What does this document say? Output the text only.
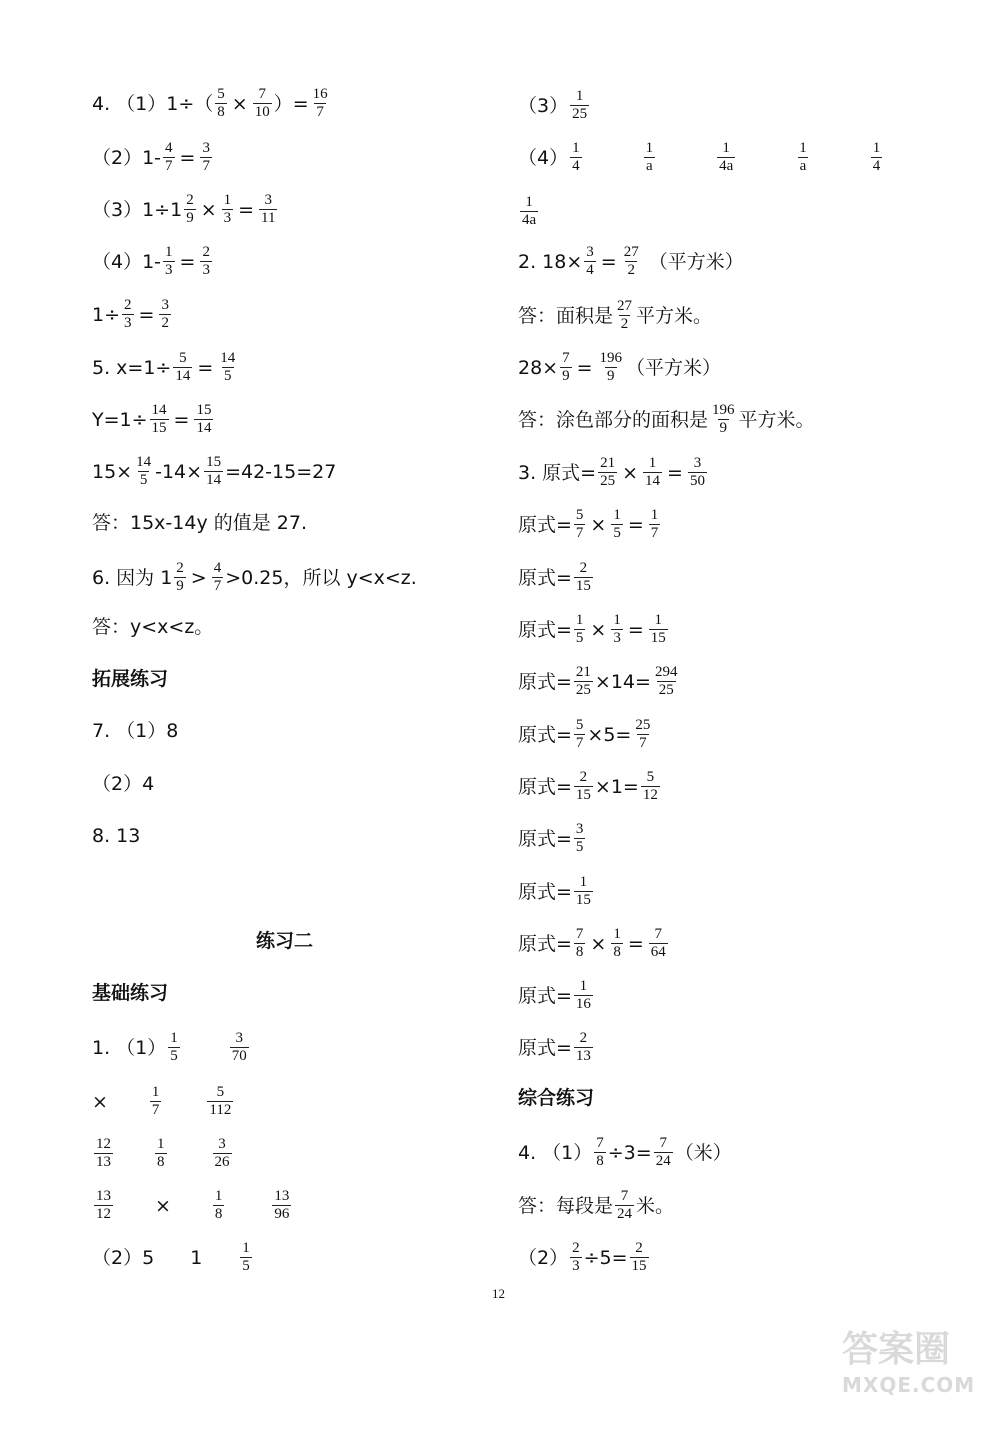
4. $(1)1\div( \frac{5}{8} \times \frac{7}{10}$ ）= $\frac{16}{7}$
$(2)1- \frac{4}{7} = \frac{3}{7}$
$(3)1\div 1 \frac{2}{9} \times \frac{1}{3} = \frac{3}{11}$
$(4)1- \frac{1}{3} = \frac{2}{3}$
$1\div \frac{2}{3} = \frac{3}{2}$
5. $x=1\div \frac{5}{14} = \frac{14}{5}$
$Y=1\div \frac{14}{15} = \frac{15}{14}$
$15\times \frac{14}{5} -14\times \frac{15}{14} =42-15=27$
答：15x-14y 的值是 27.
6. 因为 $1 \frac{2}{9} > \frac{4}{7} >0.25$，所以 y<x<z.
答：y<x<z。
拓展练习
7. （1）8
（2）4
8. 13
练习二
基础练习
1. $(1) \frac{1}{5}$	$\frac{3}{70}$
×	$\frac{1}{7}$	$\frac{5}{112}$
$\frac{12}{13}$	$\frac{1}{8}$	$\frac{3}{26}$
$\frac{13}{12}$ ×	$\frac{1}{8}$	$\frac{13}{96}$
（2）5 1	$\frac{1}{5}$
$(3) \frac{1}{25}$
$(4) \frac{1}{4}$	$\frac{1}{a}$	$\frac{1}{4a}$	$\frac{1}{a}$	$\frac{1}{4}$
$\frac{1}{4a}$
2. $18\times \frac{3}{4} = \frac{27}{2}$ （平方米）
答：面积是 $\frac{27}{2}$ 平方米。
$28\times \frac{7}{9} = \frac{196}{9}$ （平方米）
答：涂色部分的面积是 $\frac{196}{9}$ 平方米。
3. 原式= $\frac{21}{25} \times \frac{1}{14} = \frac{3}{50}$
原式= $\frac{5}{7} \times \frac{1}{5} = \frac{1}{7}$
原式= $\frac{2}{15}$
原式= $\frac{1}{5} \times \frac{1}{3} = \frac{1}{15}$
原式= $\frac{21}{25} \times 14= \frac{294}{25}$
原式= $\frac{5}{7} \times 5= \frac{25}{7}$
原式= $\frac{2}{15} \times 1= \frac{5}{12}$
原式= $\frac{3}{5}$
原式= $\frac{1}{15}$
原式= $\frac{7}{8} \times \frac{1}{8} = \frac{7}{64}$
原式= $\frac{1}{16}$
原式= $\frac{2}{13}$
综合练习
4. $(1) \frac{7}{8} \div 3= \frac{7}{24}$ （米）
答：每段是 $\frac{7}{24}$ 米。
$(2) \frac{2}{3} \div 5= \frac{2}{15}$
12
答案圈
MXQE.COM
